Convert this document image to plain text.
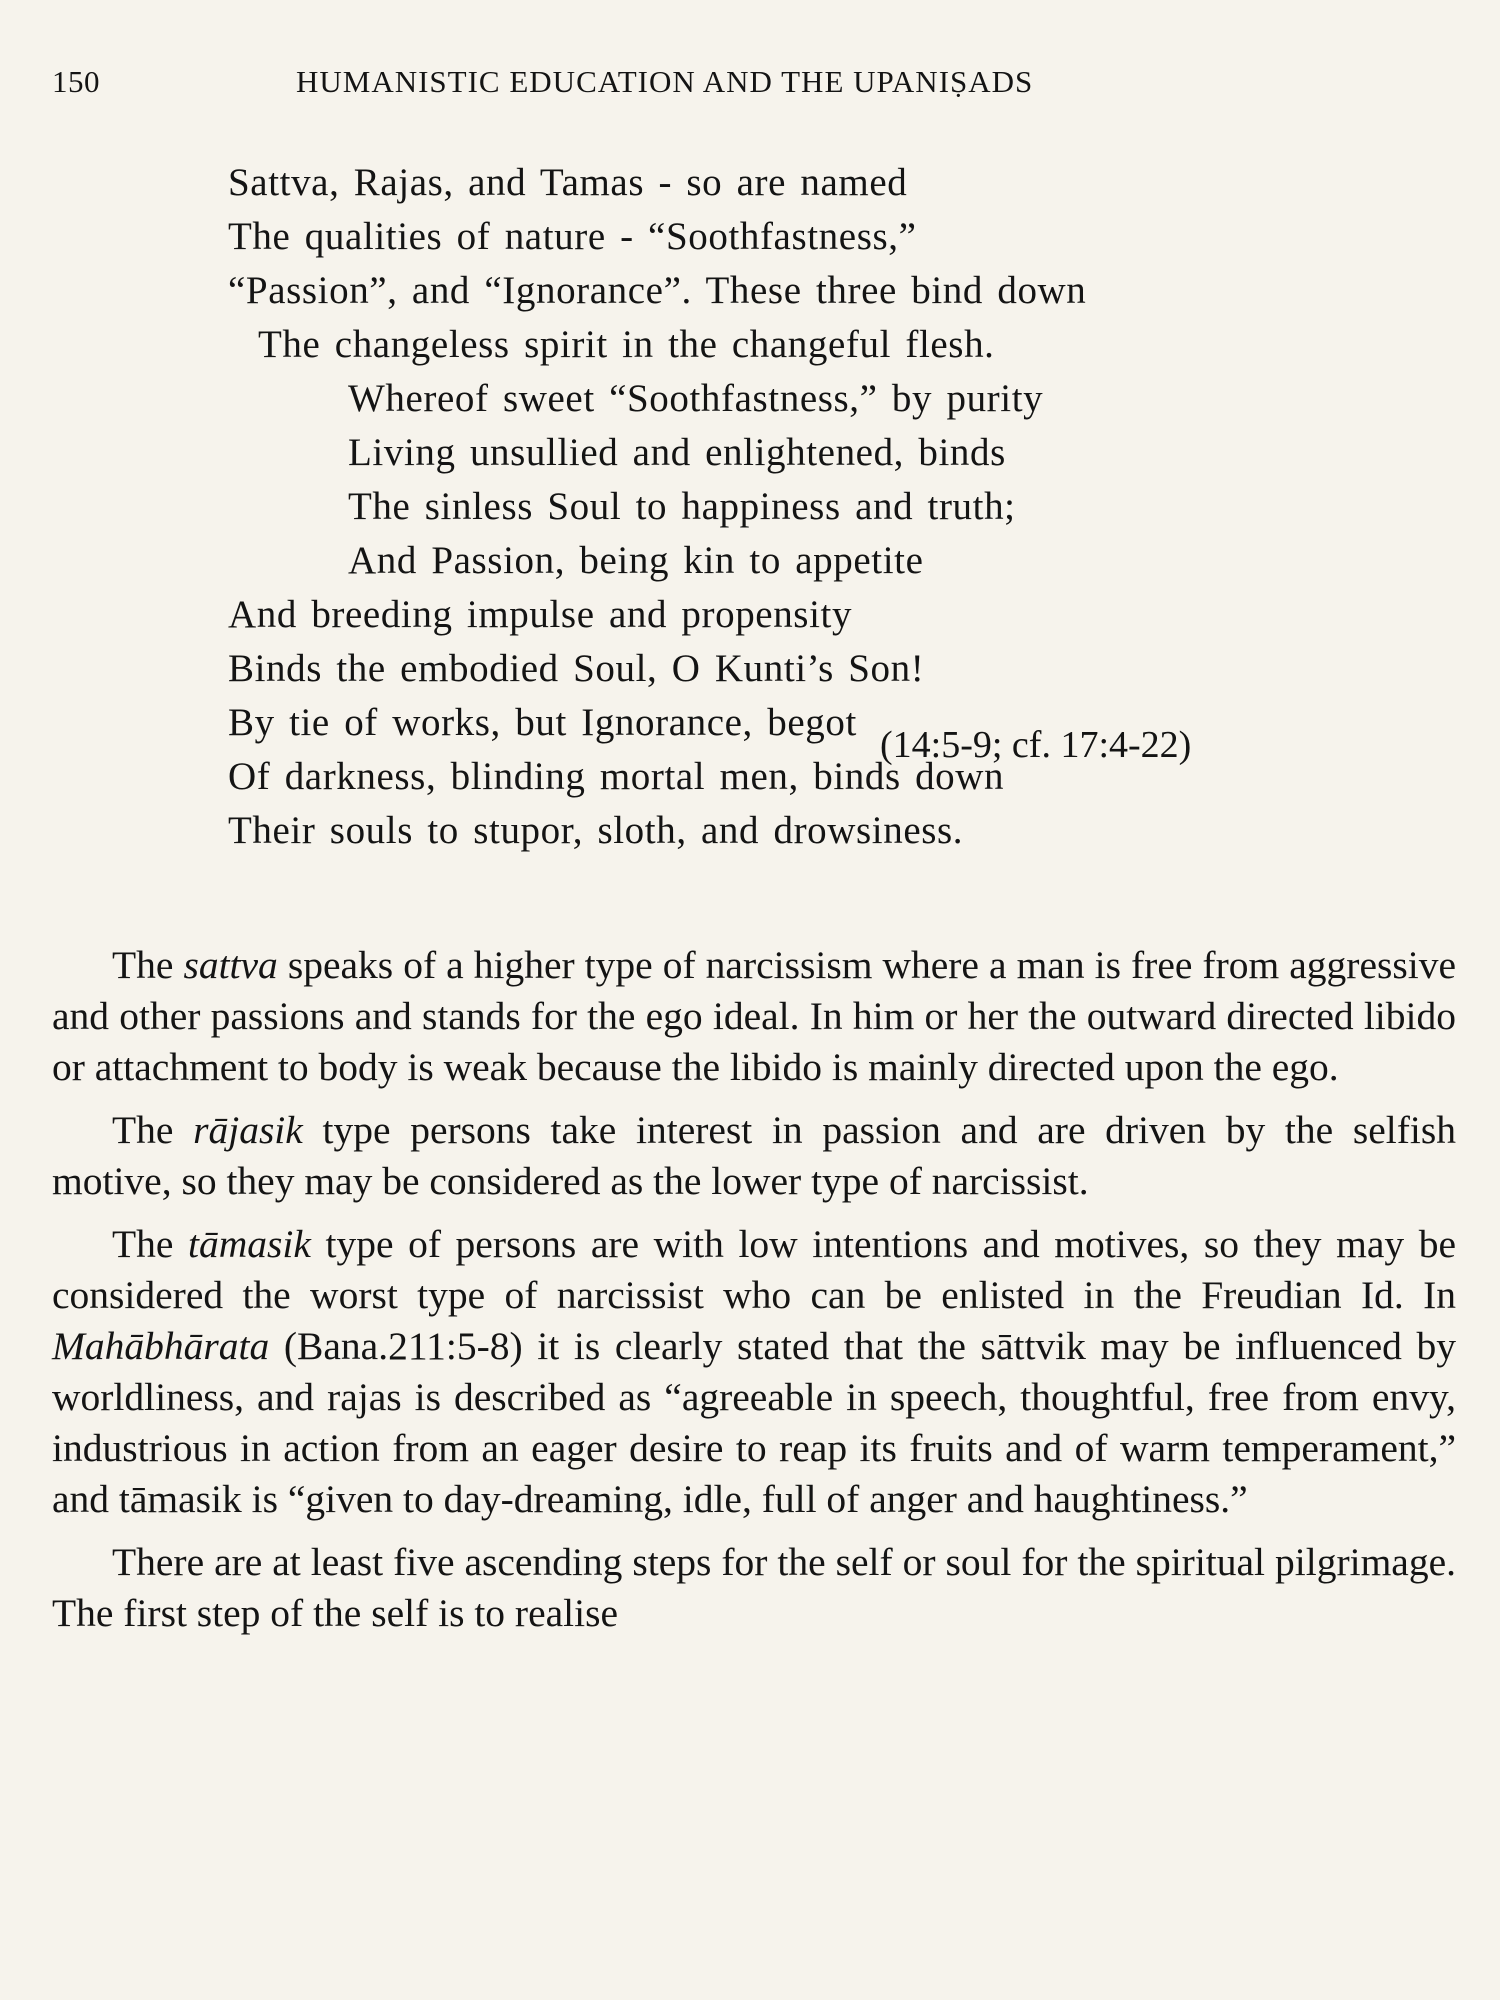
150	HUMANISTIC EDUCATION AND THE UPANIṢADS
Sattva, Rajas, and Tamas - so are named
The qualities of nature - “Soothfastness,”
“Passion”, and “Ignorance”. These three bind down
The changeless spirit in the changeful flesh.
Whereof sweet “Soothfastness,” by purity
Living unsullied and enlightened, binds
The sinless Soul to happiness and truth;
And Passion, being kin to appetite
And breeding impulse and propensity
Binds the embodied Soul, O Kunti’s Son!
By tie of works, but Ignorance, begot
Of darkness, blinding mortal men, binds down
Their souls to stupor, sloth, and drowsiness.
(14:5-9; cf. 17:4-22)

The sattva speaks of a higher type of narcissism where a man is free from aggressive and other passions and stands for the ego ideal. In him or her the outward directed libido or attachment to body is weak because the libido is mainly directed upon the ego.

The rājasik type persons take interest in passion and are driven by the selfish motive, so they may be considered as the lower type of narcissist.

The tāmasik type of persons are with low intentions and motives, so they may be considered the worst type of narcissist who can be enlisted in the Freudian Id. In Mahābhārata (Bana.211:5-8) it is clearly stated that the sāttvik may be influenced by worldliness, and rajas is described as “agreeable in speech, thoughtful, free from envy, industrious in action from an eager desire to reap its fruits and of warm temperament,” and tāmasik is “given to day-dreaming, idle, full of anger and haughtiness.”

There are at least five ascending steps for the self or soul for the spiritual pilgrimage. The first step of the self is to realise
